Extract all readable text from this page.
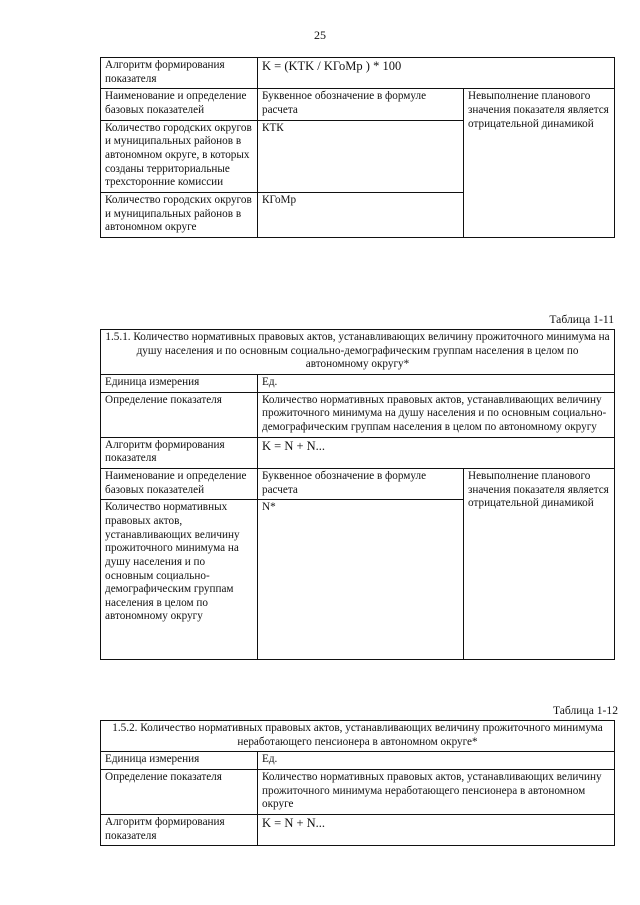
25
Алгоритм формирования показателя	K = (KTK / KГоМр ) * 100	
Наименование и определение базовых показателей	Буквенное обозначение в формуле расчета	Невыполнение планового значения показателя является отрицательной динамикой
Количество городских округов и муниципальных районов в автономном округе, в которых созданы территориальные трехсторонние комиссии	КТК	
Количество городских округов и муниципальных районов в автономном округе	КГоМр	
Таблица 1-11
1.5.1. Количество нормативных правовых актов, устанавливающих величину прожиточного минимума на душу населения и по основным социально-демографическим группам населения в целом по автономному округу*		
Единица измерения	Ед.	
Определение показателя	Количество нормативных правовых актов, устанавливающих величину прожиточного минимума на душу населения и по основным социально-демографическим группам населения в целом по автономному округу	
Алгоритм формирования показателя	K = N + N...	
Наименование и определение базовых показателей	Буквенное обозначение в формуле расчета	Невыполнение планового значения показателя является отрицательной динамикой
Количество нормативных правовых актов, устанавливающих величину прожиточного минимума на душу населения и по основным социально-демографическим группам населения в целом по автономному округу	N*	
Таблица 1-12
1.5.2. Количество нормативных правовых актов, устанавливающих величину прожиточного минимума неработающего пенсионера в автономном округе*	
Единица измерения	Ед.
Определение показателя	Количество нормативных правовых актов, устанавливающих величину прожиточного минимума неработающего пенсионера в автономном округе
Алгоритм формирования показателя	K = N + N...
